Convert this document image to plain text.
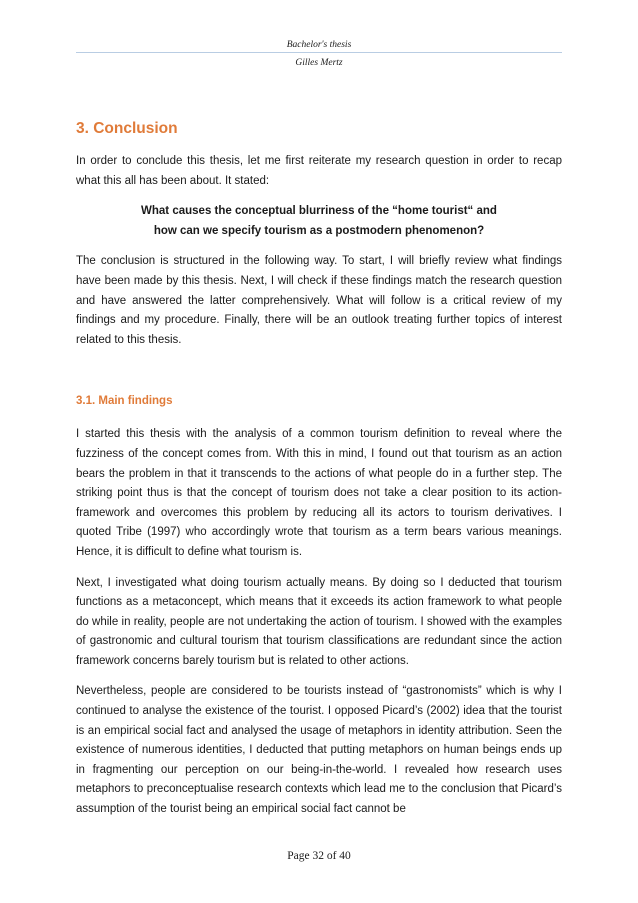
Bachelor's thesis
Gilles Mertz
3. Conclusion

In order to conclude this thesis, let me first reiterate my research question in order to recap what this all has been about. It stated:

What causes the conceptual blurriness of the “home tourist“ and
how can we specify tourism as a postmodern phenomenon?

The conclusion is structured in the following way. To start, I will briefly review what findings have been made by this thesis. Next, I will check if these findings match the research question and have answered the latter comprehensively. What will follow is a critical review of my findings and my procedure. Finally, there will be an outlook treating further topics of interest related to this thesis.

3.1. Main findings

I started this thesis with the analysis of a common tourism definition to reveal where the fuzziness of the concept comes from. With this in mind, I found out that tourism as an action bears the problem in that it transcends to the actions of what people do in a further step. The striking point thus is that the concept of tourism does not take a clear position to its action-framework and overcomes this problem by reducing all its actors to tourism derivatives. I quoted Tribe (1997) who accordingly wrote that tourism as a term bears various meanings. Hence, it is difficult to define what tourism is.

Next, I investigated what doing tourism actually means. By doing so I deducted that tourism functions as a metaconcept, which means that it exceeds its action framework to what people do while in reality, people are not undertaking the action of tourism. I showed with the examples of gastronomic and cultural tourism that tourism classifications are redundant since the action framework concerns barely tourism but is related to other actions.

Nevertheless, people are considered to be tourists instead of “gastronomists” which is why I continued to analyse the existence of the tourist. I opposed Picard’s (2002) idea that the tourist is an empirical social fact and analysed the usage of metaphors in identity attribution. Seen the existence of numerous identities, I deducted that putting metaphors on human beings ends up in fragmenting our perception on our being-in-the-world. I revealed how research uses metaphors to preconceptualise research contexts which lead me to the conclusion that Picard’s assumption of the tourist being an empirical social fact cannot be

Page 32 of 40
